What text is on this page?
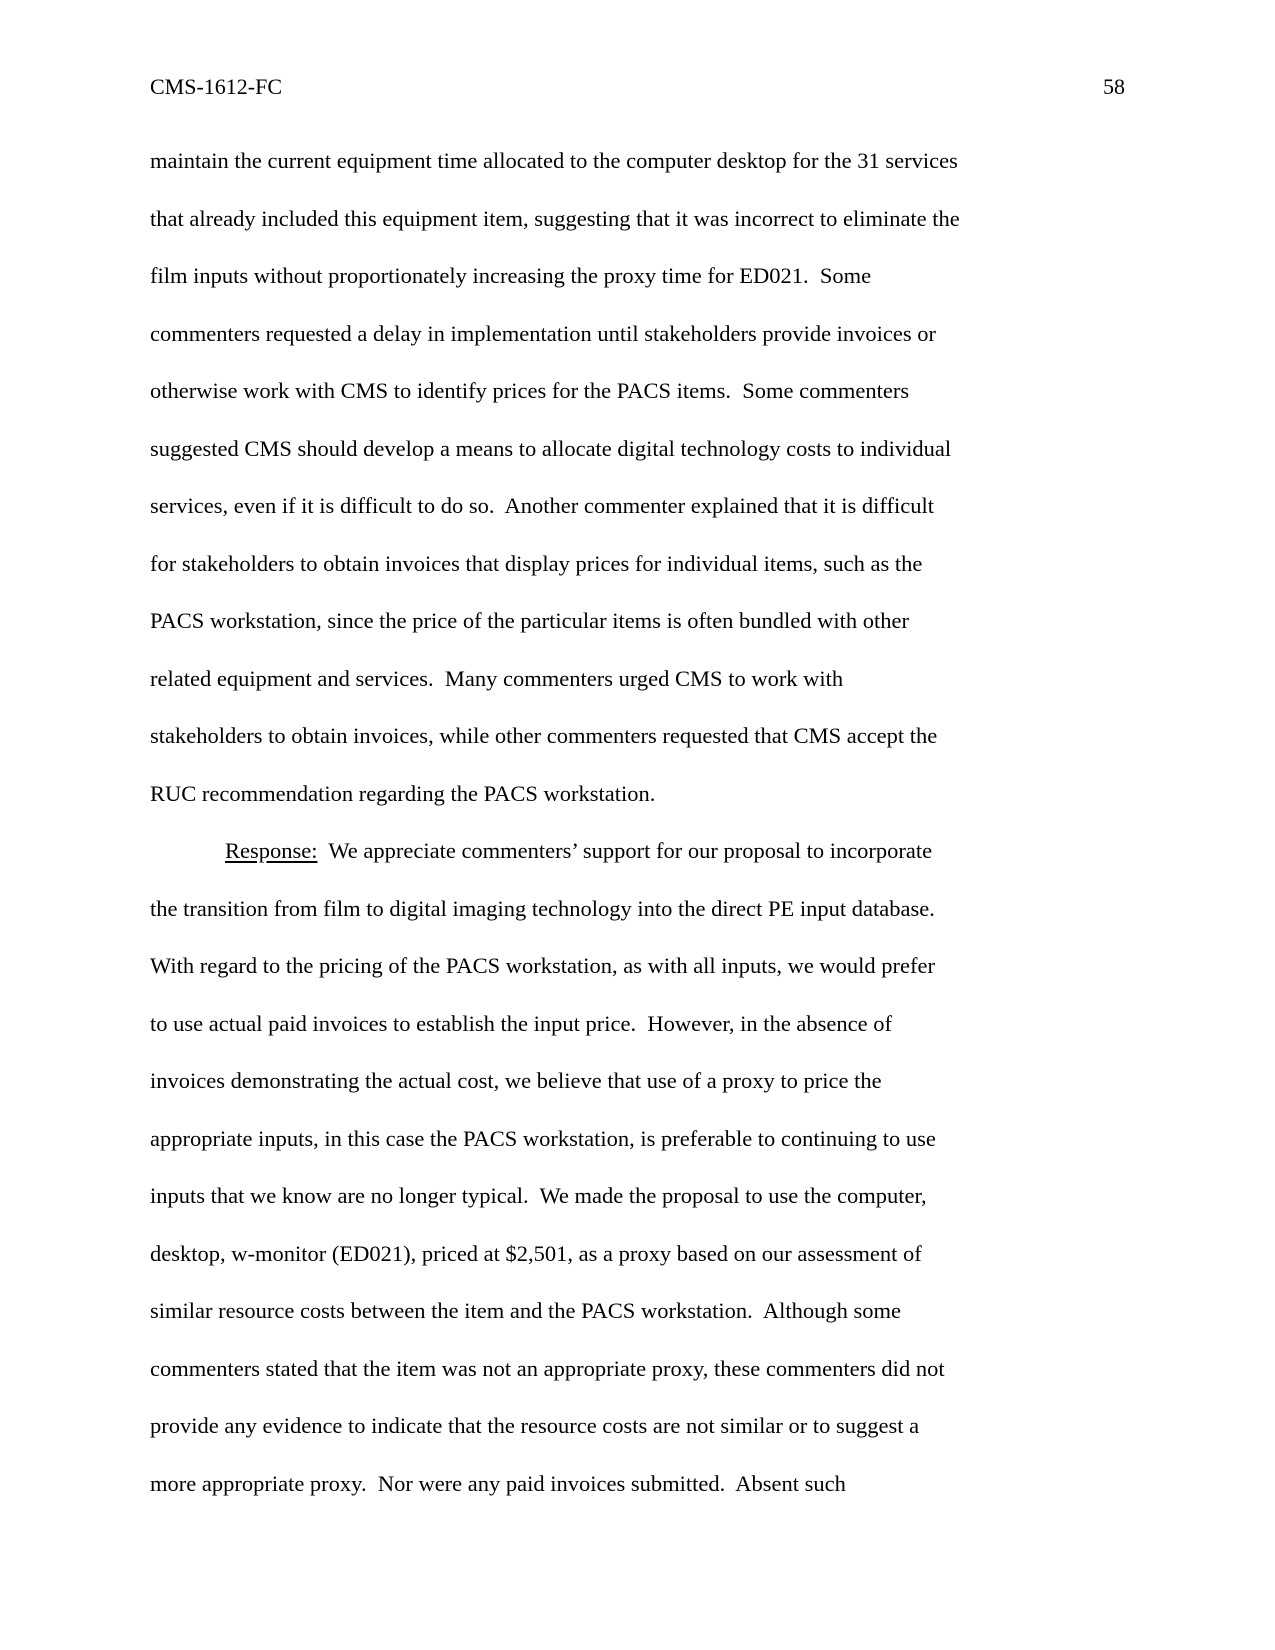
CMS-1612-FC	58
maintain the current equipment time allocated to the computer desktop for the 31 services
that already included this equipment item, suggesting that it was incorrect to eliminate the
film inputs without proportionately increasing the proxy time for ED021.  Some
commenters requested a delay in implementation until stakeholders provide invoices or
otherwise work with CMS to identify prices for the PACS items.  Some commenters
suggested CMS should develop a means to allocate digital technology costs to individual
services, even if it is difficult to do so.  Another commenter explained that it is difficult
for stakeholders to obtain invoices that display prices for individual items, such as the
PACS workstation, since the price of the particular items is often bundled with other
related equipment and services.  Many commenters urged CMS to work with
stakeholders to obtain invoices, while other commenters requested that CMS accept the
RUC recommendation regarding the PACS workstation.
Response:  We appreciate commenters’ support for our proposal to incorporate
the transition from film to digital imaging technology into the direct PE input database.
With regard to the pricing of the PACS workstation, as with all inputs, we would prefer
to use actual paid invoices to establish the input price.  However, in the absence of
invoices demonstrating the actual cost, we believe that use of a proxy to price the
appropriate inputs, in this case the PACS workstation, is preferable to continuing to use
inputs that we know are no longer typical.  We made the proposal to use the computer,
desktop, w-monitor (ED021), priced at $2,501, as a proxy based on our assessment of
similar resource costs between the item and the PACS workstation.  Although some
commenters stated that the item was not an appropriate proxy, these commenters did not
provide any evidence to indicate that the resource costs are not similar or to suggest a
more appropriate proxy.  Nor were any paid invoices submitted.  Absent such
